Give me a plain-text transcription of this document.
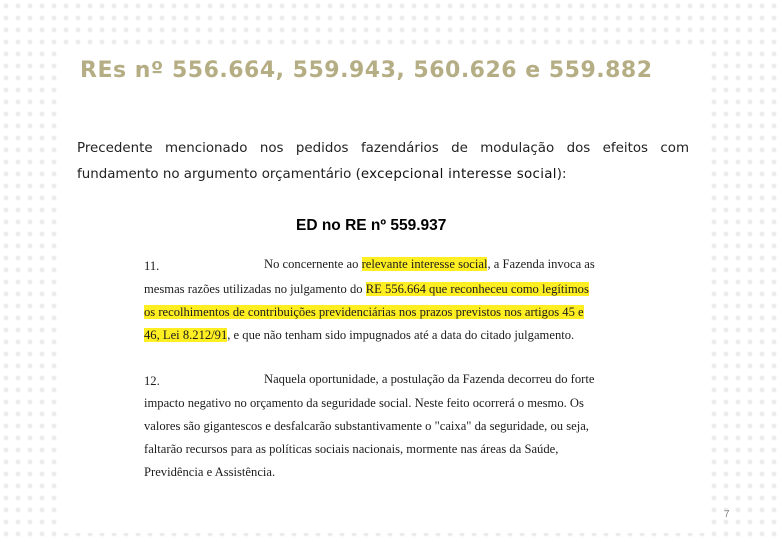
REs nº 556.664, 559.943, 560.626 e 559.882

Precedente mencionado nos pedidos fazendários de modulação dos efeitos com fundamento no argumento orçamentário (excepcional interesse social):

ED no RE nº 559.937
11.	No concernente ao relevante interesse social, a Fazenda invoca as
mesmas razões utilizadas no julgamento do RE 556.664 que reconheceu como legítimos
os recolhimentos de contribuições previdenciárias nos prazos previstos nos artigos 45 e
46, Lei 8.212/91, e que não tenham sido impugnados até a data do citado julgamento.
12.	Naquela oportunidade, a postulação da Fazenda decorreu do forte
impacto negativo no orçamento da seguridade social. Neste feito ocorrerá o mesmo. Os
valores são gigantescos e desfalcarão substantivamente o "caixa" da seguridade, ou seja,
faltarão recursos para as políticas sociais nacionais, mormente nas áreas da Saúde,
Previdência e Assistência.
7
